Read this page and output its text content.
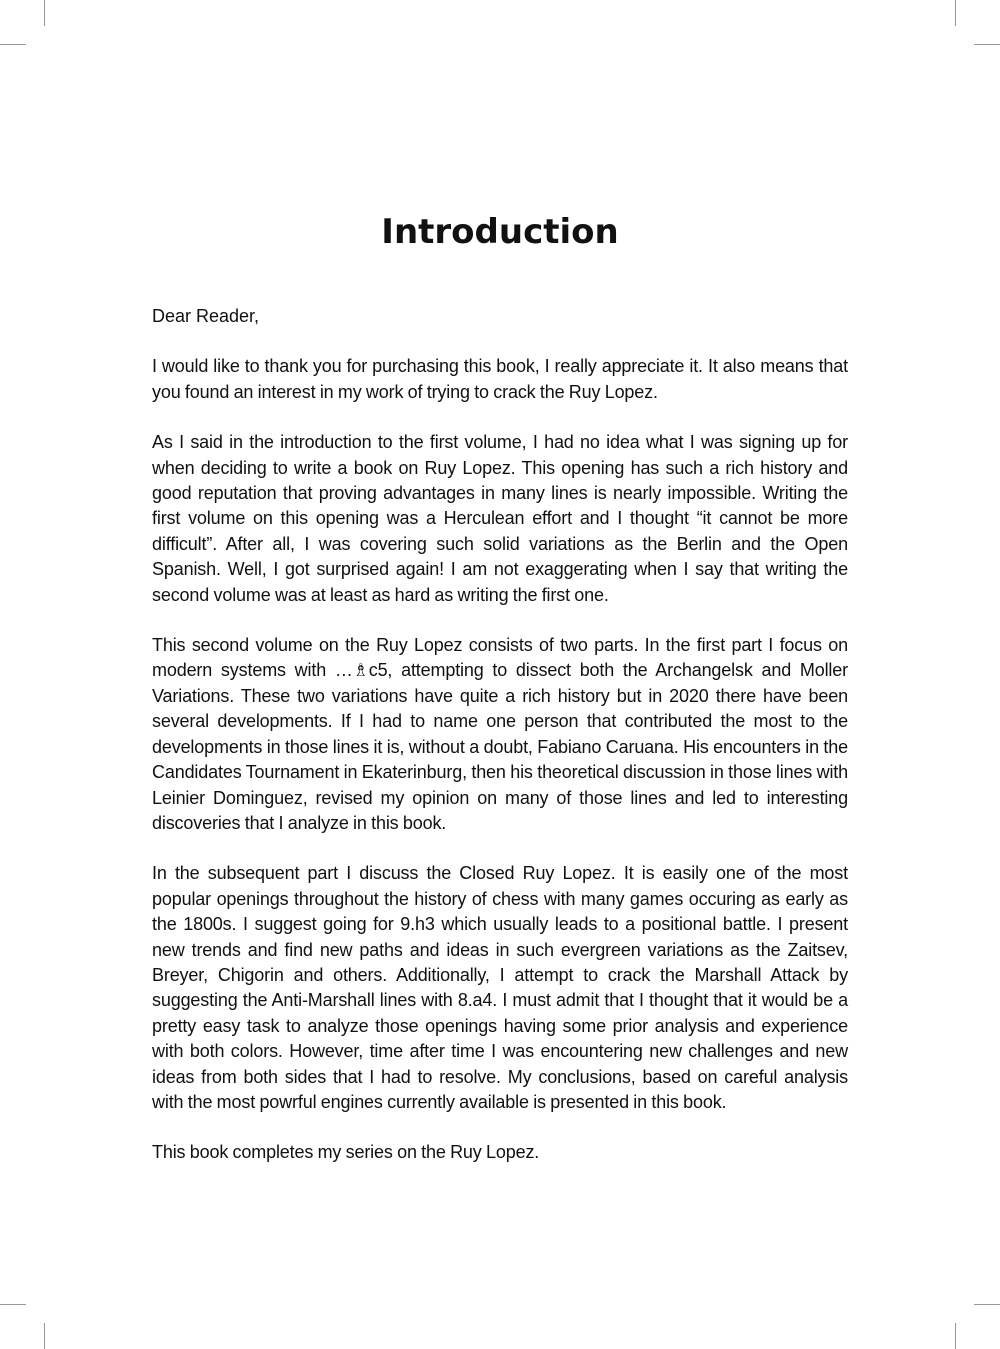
Introduction

Dear Reader,

I would like to thank you for purchasing this book, I really appreciate it. It also means that you found an interest in my work of trying to crack the Ruy Lopez.

As I said in the introduction to the first volume, I had no idea what I was signing up for when deciding to write a book on Ruy Lopez. This opening has such a rich history and good reputation that proving advantages in many lines is nearly impossible. Writing the first volume on this opening was a Herculean effort and I thought “it cannot be more difficult”. After all, I was covering such solid variations as the Berlin and the Open Spanish. Well, I got surprised again! I am not exaggerating when I say that writing the second volume was at least as hard as writing the first one.

This second volume on the Ruy Lopez consists of two parts. In the first part I focus on modern systems with …♗c5, attempting to dissect both the Archangelsk and Moller Variations. These two variations have quite a rich history but in 2020 there have been several developments. If I had to name one person that contributed the most to the developments in those lines it is, without a doubt, Fabiano Caruana. His encounters in the Candidates Tournament in Ekaterinburg, then his theoretical discussion in those lines with Leinier Dominguez, revised my opinion on many of those lines and led to interesting discoveries that I analyze in this book.

In the subsequent part I discuss the Closed Ruy Lopez. It is easily one of the most popular openings throughout the history of chess with many games occuring as early as the 1800s. I suggest going for 9.h3 which usually leads to a positional battle. I present new trends and find new paths and ideas in such evergreen variations as the Zaitsev, Breyer, Chigorin and others. Additionally, I attempt to crack the Marshall Attack by suggesting the Anti-Marshall lines with 8.a4. I must admit that I thought that it would be a pretty easy task to analyze those openings having some prior analysis and experience with both colors. However, time after time I was encountering new challenges and new ideas from both sides that I had to resolve. My conclusions, based on careful analysis with the most powrful engines currently available is presented in this book.

This book completes my series on the Ruy Lopez.
